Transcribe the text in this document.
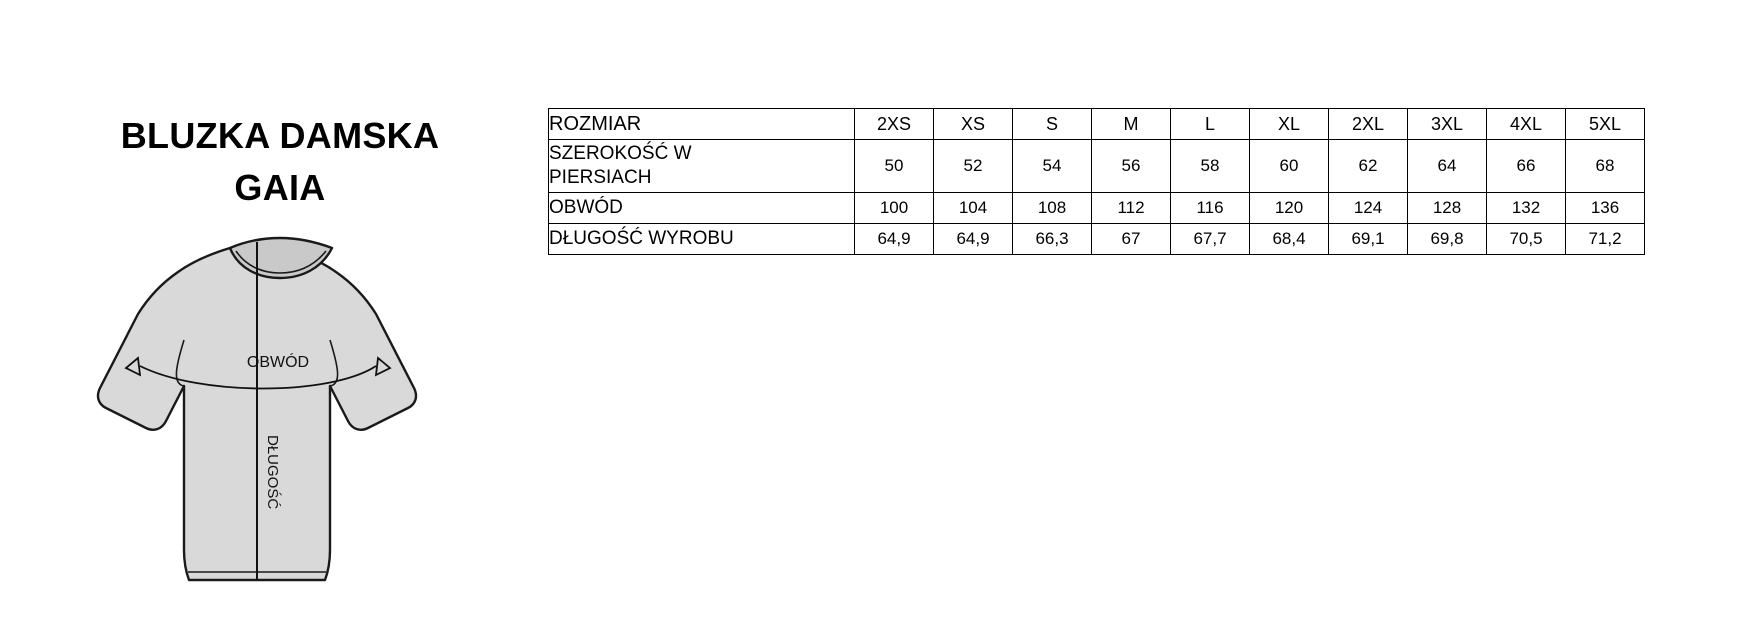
BLUZKA DAMSKA
GAIA
OBWÓD
DŁUGOŚĆ
ROZMIAR	2XS	XS	S	M	L	XL	2XL	3XL	4XL	5XL

SZEROKOŚĆ W
PIERSIACH	50	52	54	56	58	60	62	64	66	68
OBWÓD	100	104	108	112	116	120	124	128	132	136
DŁUGOŚĆ WYROBU	64,9	64,9	66,3	67	67,7	68,4	69,1	69,8	70,5	71,2
